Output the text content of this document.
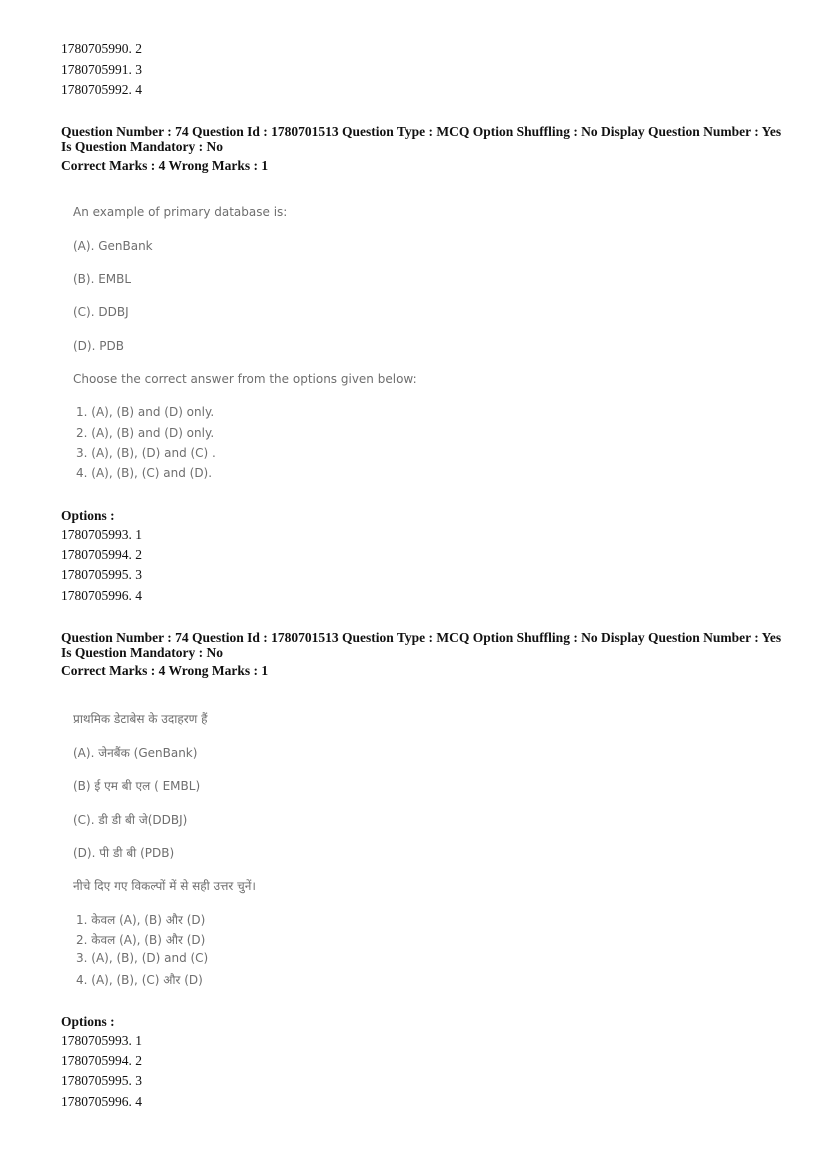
1780705990. 2
1780705991. 3
1780705992. 4
Question Number : 74 Question Id : 1780701513 Question Type : MCQ Option Shuffling : No Display Question Number : Yes
Is Question Mandatory : No
Correct Marks : 4 Wrong Marks : 1
An example of primary database is:
(A). GenBank
(B). EMBL
(C). DDBJ
(D). PDB
Choose the correct answer from the options given below:
1. (A), (B) and (D) only.
2. (A), (B) and (D) only.
3. (A), (B), (D) and (C) .
4. (A), (B), (C) and (D).
Options :
1780705993. 1
1780705994. 2
1780705995. 3
1780705996. 4
Question Number : 74 Question Id : 1780701513 Question Type : MCQ Option Shuffling : No Display Question Number : Yes
Is Question Mandatory : No
Correct Marks : 4 Wrong Marks : 1
प्राथमिक डेटाबेस के उदाहरण हैं
(A). जेनबैंक (GenBank)
(B) ई एम बी एल ( EMBL)
(C). डी डी बी जे(DDBJ)
(D). पी डी बी (PDB)
नीचे दिए गए विकल्पों में से सही उत्तर चुनें।
1. केवल (A), (B) और (D)
2. केवल (A), (B) और (D)
3. (A), (B), (D) and (C)
4. (A), (B), (C) और (D)
Options :
1780705993. 1
1780705994. 2
1780705995. 3
1780705996. 4
